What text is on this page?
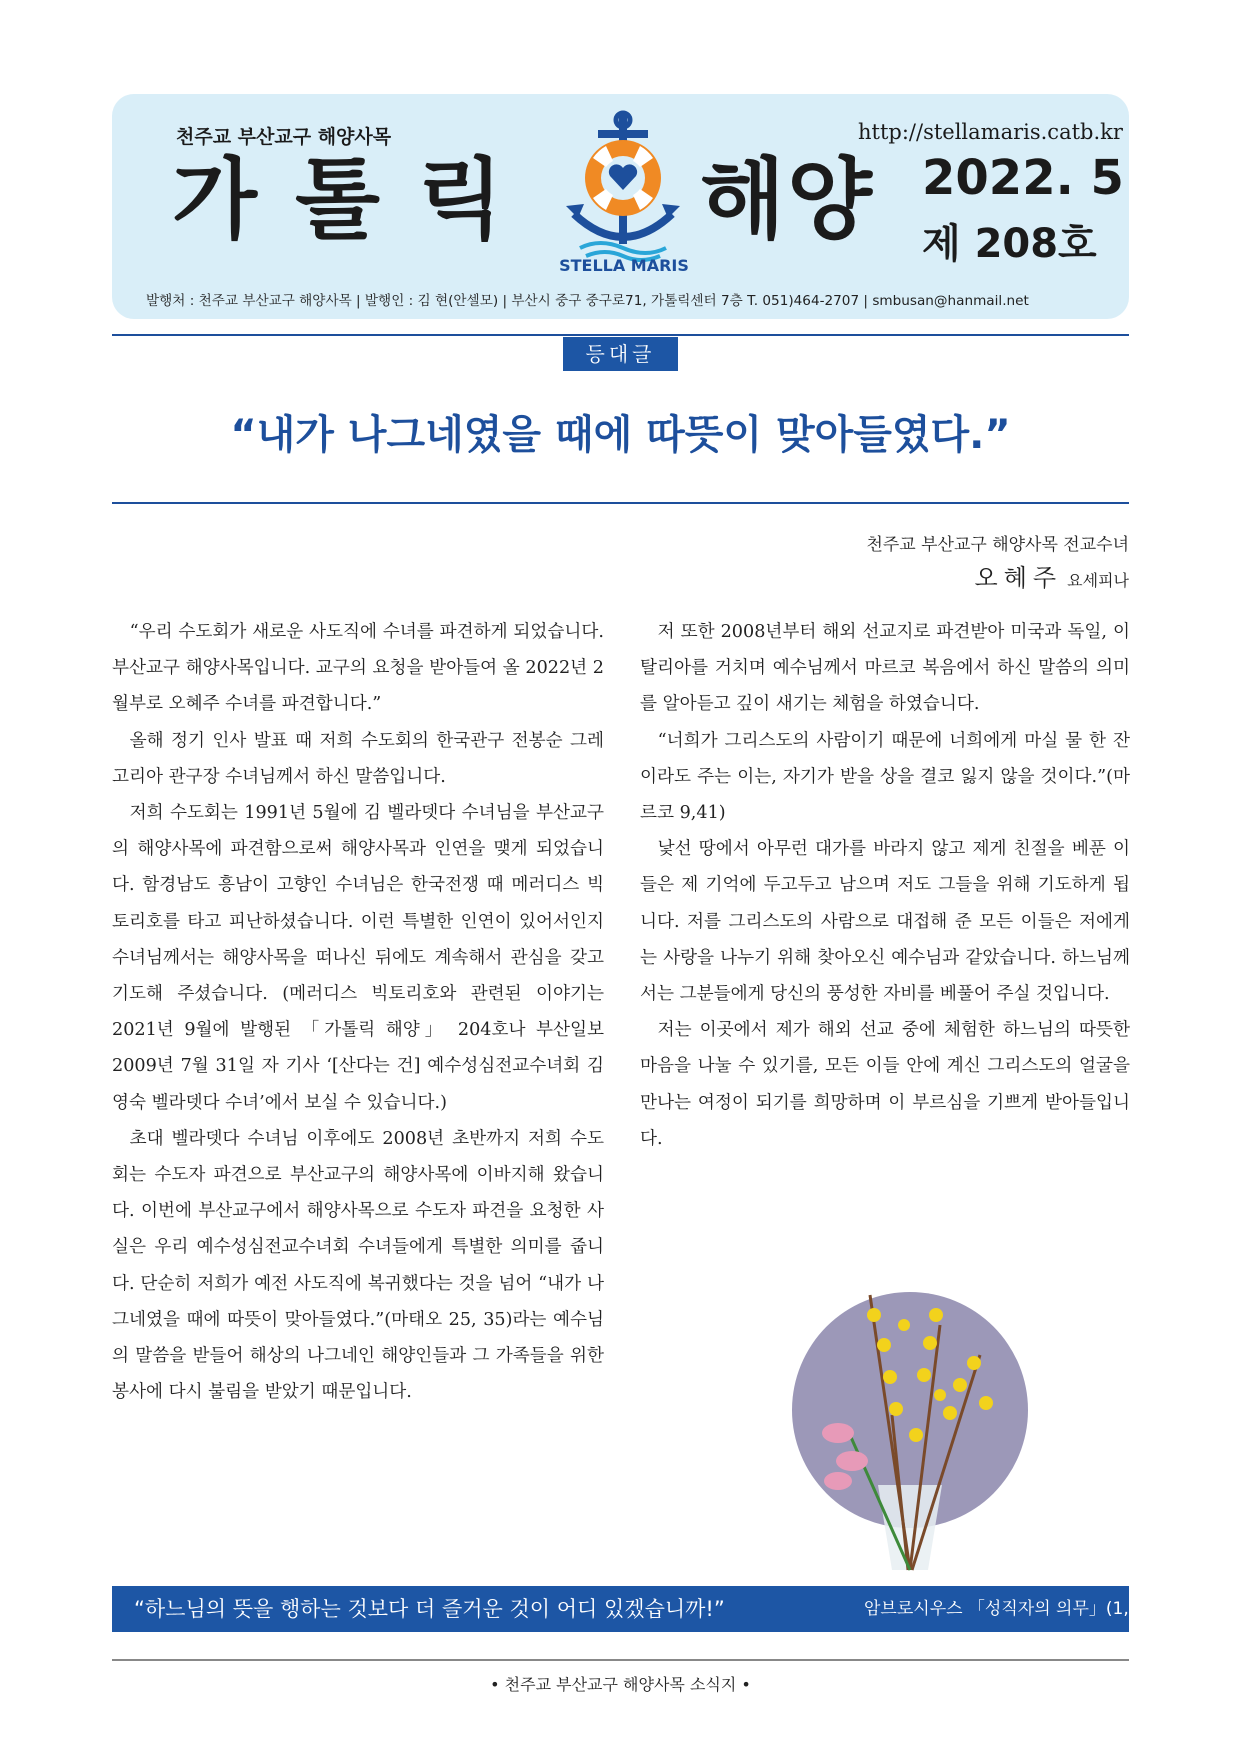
천주교 부산교구 해양사목
가톨릭
STELLA MARIS
해양
http://stellamaris.catb.kr
2022. 5
제 208호
발행처 : 천주교 부산교구 해양사목 | 발행인 : 김 현(안셀모) | 부산시 중구 중구로71, 가톨릭센터 7층 T. 051)464-2707 | smbusan@hanmail.net
등대글
“내가 나그네였을 때에 따뜻이 맞아들였다.”
천주교 부산교구 해양사목 전교수녀
오혜주 요세피나

“우리 수도회가 새로운 사도직에 수녀를 파견하게 되었습니다. 부산교구 해양사목입니다. 교구의 요청을 받아들여 올 2022년 2월부로 오혜주 수녀를 파견합니다.”

올해 정기 인사 발표 때 저희 수도회의 한국관구 전봉순 그레고리아 관구장 수녀님께서 하신 말씀입니다.

저희 수도회는 1991년 5월에 김 벨라뎃다 수녀님을 부산교구의 해양사목에 파견함으로써 해양사목과 인연을 맺게 되었습니다. 함경남도 흥남이 고향인 수녀님은 한국전쟁 때 메러디스 빅토리호를 타고 피난하셨습니다. 이런 특별한 인연이 있어서인지 수녀님께서는 해양사목을 떠나신 뒤에도 계속해서 관심을 갖고 기도해 주셨습니다. (메러디스 빅토리호와 관련된 이야기는 2021년 9월에 발행된 「가톨릭 해양」 204호나 부산일보 2009년 7월 31일 자 기사 ‘[산다는 건] 예수성심전교수녀회 김영숙 벨라뎃다 수녀’에서 보실 수 있습니다.)

초대 벨라뎃다 수녀님 이후에도 2008년 초반까지 저희 수도회는 수도자 파견으로 부산교구의 해양사목에 이바지해 왔습니다. 이번에 부산교구에서 해양사목으로 수도자 파견을 요청한 사실은 우리 예수성심전교수녀회 수녀들에게 특별한 의미를 줍니다. 단순히 저희가 예전 사도직에 복귀했다는 것을 넘어 “내가 나그네였을 때에 따뜻이 맞아들였다.”(마태오 25, 35)라는 예수님의 말씀을 받들어 해상의 나그네인 해양인들과 그 가족들을 위한 봉사에 다시 불림을 받았기 때문입니다.

저 또한 2008년부터 해외 선교지로 파견받아 미국과 독일, 이탈리아를 거치며 예수님께서 마르코 복음에서 하신 말씀의 의미를 알아듣고 깊이 새기는 체험을 하였습니다.

“너희가 그리스도의 사람이기 때문에 너희에게 마실 물 한 잔이라도 주는 이는, 자기가 받을 상을 결코 잃지 않을 것이다.”(마르코 9,41)

낯선 땅에서 아무런 대가를 바라지 않고 제게 친절을 베푼 이들은 제 기억에 두고두고 남으며 저도 그들을 위해 기도하게 됩니다. 저를 그리스도의 사람으로 대접해 준 모든 이들은 저에게는 사랑을 나누기 위해 찾아오신 예수님과 같았습니다. 하느님께서는 그분들에게 당신의 풍성한 자비를 베풀어 주실 것입니다.

저는 이곳에서 제가 해외 선교 중에 체험한 하느님의 따뜻한 마음을 나눌 수 있기를, 모든 이들 안에 계신 그리스도의 얼굴을 만나는 여정이 되기를 희망하며 이 부르심을 기쁘게 받아들입니다.

“하느님의 뜻을 행하는 것보다 더 즐거운 것이 어디 있겠습니까!”	암브로시우스 「성직자의 의무」(1,31,163)
• 천주교 부산교구 해양사목 소식지 •
